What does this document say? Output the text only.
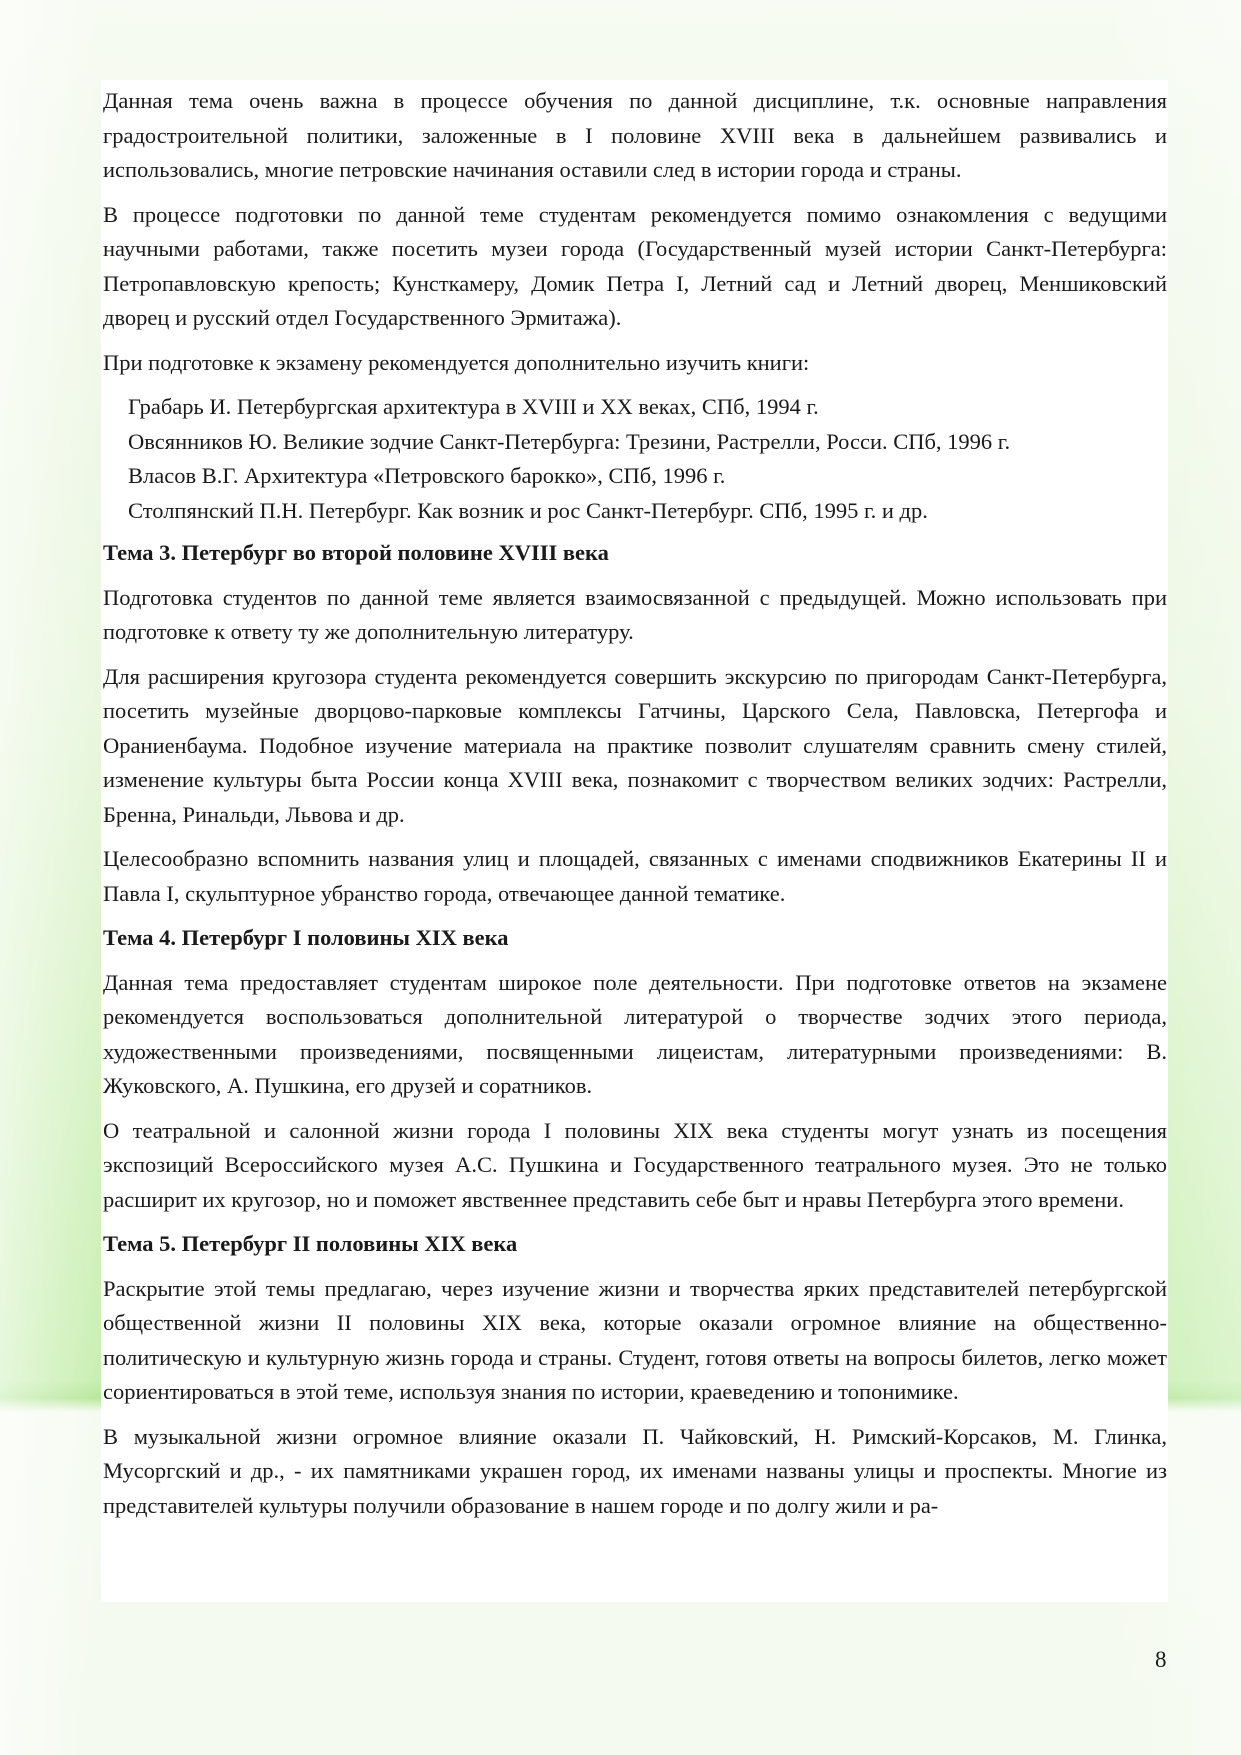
Данная тема очень важна в процессе обучения по данной дисциплине, т.к. основные направления градостроительной политики, заложенные в I половине XVIII века в дальнейшем развивались и использовались, многие петровские начинания оставили след в истории города и страны.

В процессе подготовки по данной теме студентам рекомендуется помимо ознакомления с ведущими научными работами, также посетить музеи города (Государственный музей истории Санкт-Петербурга: Петропавловскую крепость; Кунсткамеру, Домик Петра I, Летний сад и Летний дворец, Меншиковский дворец и русский отдел Государственного Эрмитажа).

При подготовке к экзамену рекомендуется дополнительно изучить книги:

Грабарь И. Петербургская архитектура в XVIII и XX веках, СПб, 1994 г.
Овсянников Ю. Великие зодчие Санкт-Петербурга: Трезини, Растрелли, Росси. СПб, 1996 г.
Власов В.Г. Архитектура «Петровского барокко», СПб, 1996 г.
Столпянский П.Н. Петербург. Как возник и рос Санкт-Петербург. СПб, 1995 г. и др.
Тема 3. Петербург во второй половине XVIII века

Подготовка студентов по данной теме является взаимосвязанной с предыдущей. Можно использовать при подготовке к ответу ту же дополнительную литературу.

Для расширения кругозора студента рекомендуется совершить экскурсию по пригородам Санкт-Петербурга, посетить музейные дворцово-парковые комплексы Гатчины, Царского Села, Павловска, Петергофа и Ораниенбаума. Подобное изучение материала на практике позволит слушателям сравнить смену стилей, изменение культуры быта России конца XVIII века, познакомит с творчеством великих зодчих: Растрелли, Бренна, Ринальди, Львова и др.

Целесообразно вспомнить названия улиц и площадей, связанных с именами сподвижников Екатерины II и Павла I, скульптурное убранство города, отвечающее данной тематике.

Тема 4. Петербург I половины XIX века

Данная тема предоставляет студентам широкое поле деятельности. При подготовке ответов на экзамене рекомендуется воспользоваться дополнительной литературой о творчестве зодчих этого периода, художественными произведениями, посвященными лицеистам, литературными произведениями: В. Жуковского, А. Пушкина, его друзей и соратников.

О театральной и салонной жизни города I половины XIX века студенты могут узнать из посещения экспозиций Всероссийского музея А.С. Пушкина и Государственного театрального музея. Это не только расширит их кругозор, но и поможет явственнее представить себе быт и нравы Петербурга этого времени.

Тема 5. Петербург II половины XIX века

Раскрытие этой темы предлагаю, через изучение жизни и творчества ярких представителей петербургской общественной жизни II половины XIX века, которые оказали огромное влияние на общественно-политическую и культурную жизнь города и страны. Студент, готовя ответы на вопросы билетов, легко может сориентироваться в этой теме, используя знания по истории, краеведению и топонимике.

В музыкальной жизни огромное влияние оказали П. Чайковский, Н. Римский-Корсаков, М. Глинка, Мусоргский и др., - их памятниками украшен город, их именами названы улицы и проспекты. Многие из представителей культуры получили образование в нашем городе и по долгу жили и ра-

8
